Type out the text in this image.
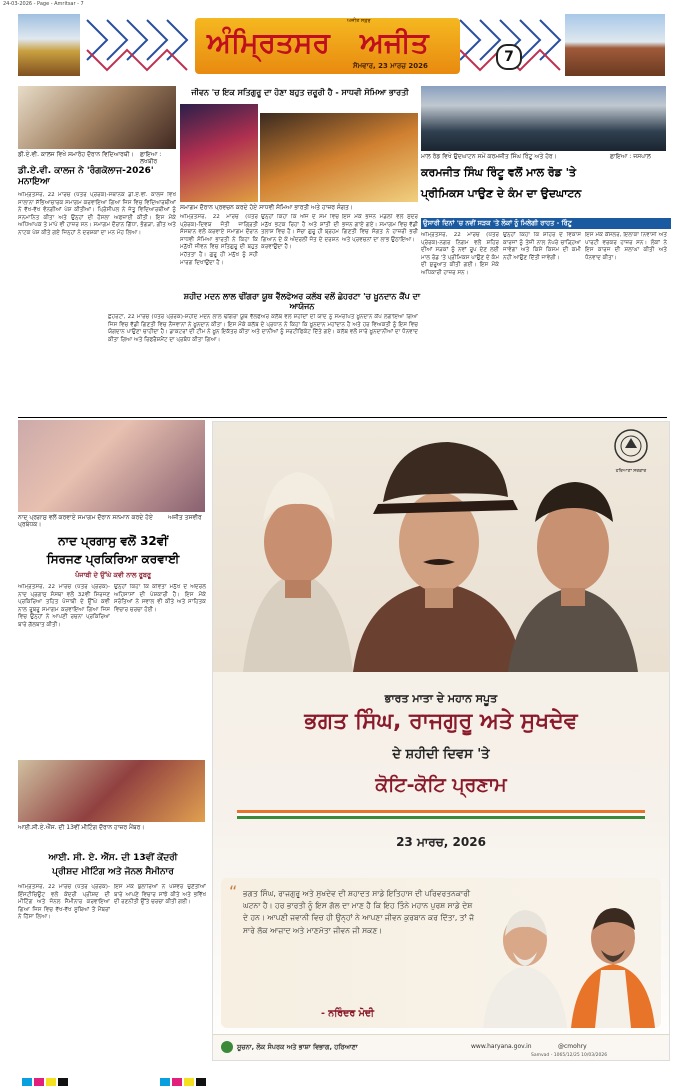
24-03-2026 - Page - Amritsar - 7
ਅੰਮ੍ਰਿਤਸਰ ਅਜੀਤ
ਅਜੀਤ ਸਫ਼ਰ
ਸੋਮਵਾਰ, 23 ਮਾਰਚ 2026
7
ਡੀ.ਏ.ਵੀ. ਕਾਲਜ ਵਿਖੇ ਸਮਾਰੋਹ ਦੌਰਾਨ ਵਿਦਿਆਰਥੀ।	ਛਾਇਆ : ਲਖਬੀਰ
ਡੀ.ਏ.ਵੀ. ਕਾਲਜ ਨੇ 'ਰੰਗਕੋਲਾਜ-2026' ਮਨਾਇਆ
ਅੰਮ੍ਰਿਤਸਰ, 22 ਮਾਰਚ (ਪੱਤਰ ਪ੍ਰੇਰਕ)-ਸਥਾਨਕ ਡੀ.ਏ.ਵੀ. ਕਾਲਜ ਵਿਖੇ ਸਾਲਾਨਾ ਸੱਭਿਆਚਾਰਕ ਸਮਾਗਮ ਕਰਵਾਇਆ ਗਿਆ ਜਿਸ ਵਿਚ ਵਿਦਿਆਰਥੀਆਂ ਨੇ ਵੱਖ-ਵੱਖ ਵੰਨਗੀਆਂ ਪੇਸ਼ ਕੀਤੀਆਂ। ਪ੍ਰਿੰਸੀਪਲ ਨੇ ਜੇਤੂ ਵਿਦਿਆਰਥੀਆਂ ਨੂੰ ਸਨਮਾਨਿਤ ਕੀਤਾ ਅਤੇ ਉਨ੍ਹਾਂ ਦੀ ਹੌਸਲਾ ਅਫਜ਼ਾਈ ਕੀਤੀ। ਇਸ ਮੌਕੇ ਅਧਿਆਪਕ ਤੇ ਮਾਪੇ ਵੀ ਹਾਜ਼ਰ ਸਨ। ਸਮਾਗਮ ਦੌਰਾਨ ਗਿੱਧਾ, ਭੰਗੜਾ, ਗੀਤ ਅਤੇ ਨਾਟਕ ਪੇਸ਼ ਕੀਤੇ ਗਏ ਜਿਨ੍ਹਾਂ ਨੇ ਦਰਸ਼ਕਾਂ ਦਾ ਮਨ ਮੋਹ ਲਿਆ।
ਜੀਵਨ 'ਚ ਇਕ ਸਤਿਗੁਰੂ ਦਾ ਹੋਣਾ ਬਹੁਤ ਜ਼ਰੂਰੀ ਹੈ - ਸਾਧਵੀ ਸੋਮਿਆ ਭਾਰਤੀ
ਸਮਾਗਮ ਦੌਰਾਨ ਪ੍ਰਵਚਨ ਕਰਦੇ ਹੋਏ ਸਾਧਵੀ ਸੋਮਿਆ ਭਾਰਤੀ ਅਤੇ ਹਾਜ਼ਰ ਸੰਗਤ।
ਅੰਮ੍ਰਿਤਸਰ, 22 ਮਾਰਚ (ਪੱਤਰ ਪ੍ਰੇਰਕ)-ਦਿਵਯ ਜੋਤੀ ਜਾਗ੍ਰਿਤੀ ਸੰਸਥਾਨ ਵਲੋਂ ਕਰਵਾਏ ਸਮਾਗਮ ਦੌਰਾਨ ਸਾਧਵੀ ਸੋਮਿਆ ਭਾਰਤੀ ਨੇ ਕਿਹਾ ਕਿ ਮਨੁੱਖੀ ਜੀਵਨ ਵਿਚ ਸਤਿਗੁਰੂ ਦੀ ਬਹੁਤ ਮਹੱਤਤਾ ਹੈ। ਗੁਰੂ ਹੀ ਮਨੁੱਖ ਨੂੰ ਸਹੀ ਮਾਰਗ ਦਿਖਾਉਂਦਾ ਹੈ।
ਉਨ੍ਹਾਂ ਕਿਹਾ ਕਿ ਅੱਜ ਦੇ ਸਮੇਂ ਵਿਚ ਮਨੁੱਖ ਭਟਕ ਰਿਹਾ ਹੈ ਅਤੇ ਸ਼ਾਂਤੀ ਦੀ ਤਲਾਸ਼ ਵਿਚ ਹੈ। ਸੱਚਾ ਗੁਰੂ ਹੀ ਬ੍ਰਹਮ ਗਿਆਨ ਦੇ ਕੇ ਅੰਦਰਲੀ ਜੋਤ ਦੇ ਦਰਸ਼ਨ ਕਰਵਾਉਂਦਾ ਹੈ।
ਇਸ ਮੌਕੇ ਭਜਨ ਮੰਡਲੀ ਵਲੋਂ ਸੁੰਦਰ ਭਜਨ ਗਾਏ ਗਏ। ਸਮਾਗਮ ਵਿਚ ਵੱਡੀ ਗਿਣਤੀ ਵਿਚ ਸੰਗਤ ਨੇ ਹਾਜ਼ਰੀ ਭਰੀ ਅਤੇ ਪ੍ਰਵਚਨਾਂ ਦਾ ਲਾਭ ਉਠਾਇਆ।
ਮਾਲ ਰੋਡ ਵਿਖੇ ਉਦਘਾਟਨ ਸਮੇਂ ਕਰਮਜੀਤ ਸਿੰਘ ਰਿੰਟੂ ਅਤੇ ਹੋਰ।	ਛਾਇਆ : ਜਸਪਾਲ
ਕਰਮਜੀਤ ਸਿੰਘ ਰਿੰਟੂ ਵਲੋਂ ਮਾਲ ਰੋਡ 'ਤੇ
ਪ੍ਰੀਮਿਕਸ ਪਾਉਣ ਦੇ ਕੰਮ ਦਾ ਉਦਘਾਟਨ
ਉਸਾਰੀ ਦਿਨਾਂ 'ਚ ਨਵੀਂ ਸੜਕ 'ਤੇ ਲੋਕਾਂ ਨੂੰ ਮਿਲੇਗੀ ਰਾਹਤ - ਰਿੰਟੂ
ਅੰਮ੍ਰਿਤਸਰ, 22 ਮਾਰਚ (ਪੱਤਰ ਪ੍ਰੇਰਕ)-ਨਗਰ ਨਿਗਮ ਵਲੋਂ ਸ਼ਹਿਰ ਦੀਆਂ ਸੜਕਾਂ ਨੂੰ ਨਵਾਂ ਰੂਪ ਦੇਣ ਲਈ ਮਾਲ ਰੋਡ 'ਤੇ ਪ੍ਰੀਮਿਕਸ ਪਾਉਣ ਦੇ ਕੰਮ ਦੀ ਸ਼ੁਰੂਆਤ ਕੀਤੀ ਗਈ। ਇਸ ਮੌਕੇ ਅਧਿਕਾਰੀ ਹਾਜ਼ਰ ਸਨ।
ਉਨ੍ਹਾਂ ਕਿਹਾ ਕਿ ਸ਼ਹਿਰ ਦੇ ਵਿਕਾਸ ਕਾਰਜਾਂ ਨੂੰ ਤੇਜ਼ੀ ਨਾਲ ਨੇਪਰੇ ਚਾੜ੍ਹਿਆ ਜਾਵੇਗਾ ਅਤੇ ਕਿਸੇ ਕਿਸਮ ਦੀ ਕਮੀ ਨਹੀਂ ਆਉਣ ਦਿੱਤੀ ਜਾਵੇਗੀ।
ਇਸ ਮੌਕੇ ਕੌਂਸਲਰ, ਇਲਾਕਾ ਨਿਵਾਸੀ ਅਤੇ ਪਾਰਟੀ ਵਰਕਰ ਹਾਜ਼ਰ ਸਨ। ਲੋਕਾਂ ਨੇ ਇਸ ਕਾਰਜ ਦੀ ਸ਼ਲਾਘਾ ਕੀਤੀ ਅਤੇ ਧੰਨਵਾਦ ਕੀਤਾ।
ਸ਼ਹੀਦ ਮਦਨ ਲਾਲ ਢੀਂਗਰਾ ਯੂਥ ਵੈੱਲਫੇਅਰ ਕਲੱਬ ਵਲੋਂ ਛੇਹਰਟਾ 'ਚ ਖ਼ੂਨਦਾਨ ਕੈਂਪ ਦਾ ਆਯੋਜਨ
ਛੇਹਰਟਾ, 22 ਮਾਰਚ (ਪੱਤਰ ਪ੍ਰੇਰਕ)-ਸ਼ਹੀਦ ਮਦਨ ਲਾਲ ਢੀਂਗਰਾ ਯੂਥ ਵੈੱਲਫੇਅਰ ਕਲੱਬ ਵਲੋਂ ਸ਼ਹੀਦਾਂ ਦੀ ਯਾਦ ਨੂੰ ਸਮਰਪਿਤ ਖ਼ੂਨਦਾਨ ਕੈਂਪ ਲਗਾਇਆ ਗਿਆ ਜਿਸ ਵਿਚ ਵੱਡੀ ਗਿਣਤੀ ਵਿਚ ਨੌਜਵਾਨਾਂ ਨੇ ਖ਼ੂਨਦਾਨ ਕੀਤਾ। ਇਸ ਮੌਕੇ ਕਲੱਬ ਦੇ ਪ੍ਰਧਾਨ ਨੇ ਕਿਹਾ ਕਿ ਖ਼ੂਨਦਾਨ ਮਹਾਂਦਾਨ ਹੈ ਅਤੇ ਹਰ ਵਿਅਕਤੀ ਨੂੰ ਇਸ ਵਿਚ ਯੋਗਦਾਨ ਪਾਉਣਾ ਚਾਹੀਦਾ ਹੈ। ਡਾਕਟਰਾਂ ਦੀ ਟੀਮ ਨੇ ਖ਼ੂਨ ਇਕੱਤਰ ਕੀਤਾ ਅਤੇ ਦਾਨੀਆਂ ਨੂੰ ਸਰਟੀਫਿਕੇਟ ਦਿੱਤੇ ਗਏ। ਕਲੱਬ ਵਲੋਂ ਸਾਰੇ ਖ਼ੂਨਦਾਨੀਆਂ ਦਾ ਧੰਨਵਾਦ ਕੀਤਾ ਗਿਆ ਅਤੇ ਰਿਫਰੈਸ਼ਮੈਂਟ ਦਾ ਪ੍ਰਬੰਧ ਕੀਤਾ ਗਿਆ।
ਨਾਦ ਪ੍ਰਗਾਸੁ ਵਲੋਂ ਕਰਵਾਏ ਸਮਾਗਮ ਦੌਰਾਨ ਸਨਮਾਨ ਕਰਦੇ ਹੋਏ ਪ੍ਰਬੰਧਕ।
ਅਜੀਤ ਤਸਵੀਰ
ਨਾਦ ਪ੍ਰਗਾਸੁ ਵਲੋਂ 32ਵੀਂ
ਸਿਰਜਣ ਪ੍ਰਕਿਰਿਆ ਕਰਵਾਈ
ਪੰਜਾਬੀ ਦੇ ਉੱਘੇ ਕਵੀ ਨਾਲ ਰੂਬਰੂ
ਅੰਮ੍ਰਿਤਸਰ, 22 ਮਾਰਚ (ਪੱਤਰ ਪ੍ਰੇਰਕ)-ਨਾਦ ਪ੍ਰਗਾਸੁ ਸੰਸਥਾ ਵਲੋਂ 32ਵੀਂ ਸਿਰਜਣ ਪ੍ਰਕਿਰਿਆ ਤਹਿਤ ਪੰਜਾਬੀ ਦੇ ਉੱਘੇ ਕਵੀ ਨਾਲ ਰੂਬਰੂ ਸਮਾਗਮ ਕਰਵਾਇਆ ਗਿਆ ਜਿਸ ਵਿਚ ਉਨ੍ਹਾਂ ਨੇ ਆਪਣੀ ਰਚਨਾ ਪ੍ਰਕਿਰਿਆ ਬਾਰੇ ਗੱਲਬਾਤ ਕੀਤੀ।
ਉਨ੍ਹਾਂ ਕਿਹਾ ਕਿ ਕਵਿਤਾ ਮਨੁੱਖ ਦੇ ਅੰਦਰਲੇ ਅਹਿਸਾਸਾਂ ਦੀ ਪੇਸ਼ਕਾਰੀ ਹੈ। ਇਸ ਮੌਕੇ ਸਰੋਤਿਆਂ ਨੇ ਸਵਾਲ ਵੀ ਕੀਤੇ ਅਤੇ ਸਾਹਿਤਕ ਵਿਚਾਰ ਚਰਚਾ ਹੋਈ।
ਆਈ.ਸੀ.ਏ.ਐੱਸ. ਦੀ 13ਵੀਂ ਮੀਟਿੰਗ ਦੌਰਾਨ ਹਾਜ਼ਰ ਮੈਂਬਰ।
ਆਈ. ਸੀ. ਏ. ਐੱਸ. ਦੀ 13ਵੀਂ ਕੇਂਦਰੀ
ਪ੍ਰੀਸ਼ਦ ਮੀਟਿੰਗ ਅਤੇ ਜੋਨਲ ਸੈਮੀਨਾਰ
ਅੰਮ੍ਰਿਤਸਰ, 22 ਮਾਰਚ (ਪੱਤਰ ਪ੍ਰੇਰਕ)-ਇੰਸਟੀਚਿਊਟ ਵਲੋਂ ਕੇਂਦਰੀ ਪ੍ਰੀਸ਼ਦ ਦੀ ਮੀਟਿੰਗ ਅਤੇ ਜੋਨਲ ਸੈਮੀਨਾਰ ਕਰਵਾਇਆ ਗਿਆ ਜਿਸ ਵਿਚ ਵੱਖ-ਵੱਖ ਸੂਬਿਆਂ ਤੋਂ ਮੈਂਬਰਾਂ ਨੇ ਹਿੱਸਾ ਲਿਆ।
ਇਸ ਮੌਕੇ ਬੁਲਾਰਿਆਂ ਨੇ ਪੇਸ਼ੇਵਰ ਚੁਣੌਤੀਆਂ ਬਾਰੇ ਆਪਣੇ ਵਿਚਾਰ ਸਾਂਝੇ ਕੀਤੇ ਅਤੇ ਭਵਿੱਖ ਦੀ ਰਣਨੀਤੀ ਉੱਤੇ ਚਰਚਾ ਕੀਤੀ ਗਈ।
ਹਰਿਆਣਾ ਸਰਕਾਰ
ਭਾਰਤ ਮਾਤਾ ਦੇ ਮਹਾਨ ਸਪੂਤ
ਭਗਤ ਸਿੰਘ, ਰਾਜਗੁਰੂ ਅਤੇ ਸੁਖਦੇਵ
ਦੇ ਸ਼ਹੀਦੀ ਦਿਵਸ 'ਤੇ
ਕੋਟਿ-ਕੋਟਿ ਪ੍ਰਣਾਮ
23 ਮਾਰਚ, 2026
“ ਭਗਤ ਸਿੰਘ, ਰਾਜਗੁਰੂ ਅਤੇ ਸੁਖਦੇਵ ਦੀ ਸ਼ਹਾਦਤ ਸਾਡੇ ਇਤਿਹਾਸ ਦੀ ਪਰਿਵਰਤਨਕਾਰੀ ਘਟਨਾ ਹੈ। ਹਰ ਭਾਰਤੀ ਨੂੰ ਇਸ ਗੱਲ ਦਾ ਮਾਣ ਹੈ ਕਿ ਇਹ ਤਿੰਨੇ ਮਹਾਨ ਪੁਰਸ਼ ਸਾਡੇ ਦੇਸ਼ ਦੇ ਹਨ। ਆਪਣੀ ਜਵਾਨੀ ਵਿਚ ਹੀ ਉਨ੍ਹਾਂ ਨੇ ਆਪਣਾ ਜੀਵਨ ਕੁਰਬਾਨ ਕਰ ਦਿੱਤਾ, ਤਾਂ ਜੋ ਸਾਰੇ ਲੋਕ ਆਜ਼ਾਦ ਅਤੇ ਮਾਣਮੱਤਾ ਜੀਵਨ ਜੀ ਸਕਣ।
- ਨਰਿੰਦਰ ਮੋਦੀ
ਸੂਚਨਾ, ਲੋਕ ਸੰਪਰਕ ਅਤੇ ਭਾਸ਼ਾ ਵਿਭਾਗ, ਹਰਿਆਣਾ	www.haryana.gov.in	@cmohry
Samvad - 1065/12/25 10/03/2026
